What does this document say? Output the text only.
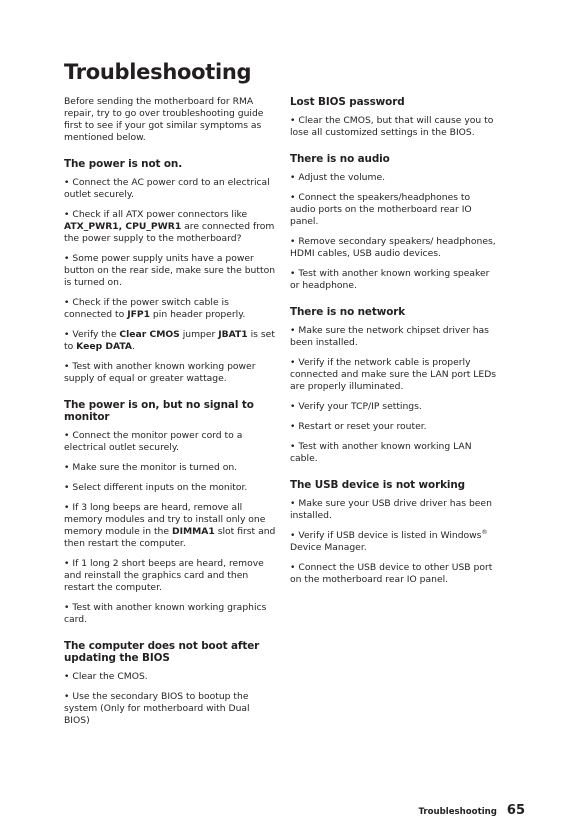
Troubleshooting

Before sending the motherboard for RMA repair, try to go over troubleshooting guide first to see if your got similar symptoms as mentioned below.

The power is not on.
• Connect the AC power cord to an electrical outlet securely.
• Check if all ATX power connectors like ATX_PWR1, CPU_PWR1 are connected from the power supply to the motherboard?
• Some power supply units have a power button on the rear side, make sure the button is turned on.
• Check if the power switch cable is connected to JFP1 pin header properly.
• Verify the Clear CMOS jumper JBAT1 is set to Keep DATA.
• Test with another known working power supply of equal or greater wattage.
The power is on, but no signal to monitor
• Connect the monitor power cord to a electrical outlet securely.
• Make sure the monitor is turned on.
• Select different inputs on the monitor.
• If 3 long beeps are heard, remove all memory modules and try to install only one memory module in the DIMMA1 slot first and then restart the computer.
• If 1 long 2 short beeps are heard, remove and reinstall the graphics card and then restart the computer.
• Test with another known working graphics card.
The computer does not boot after updating the BIOS
• Clear the CMOS.
• Use the secondary BIOS to bootup the system (Only for motherboard with Dual BIOS)
Lost BIOS password
• Clear the CMOS, but that will cause you to lose all customized settings in the BIOS.
There is no audio
• Adjust the volume.
• Connect the speakers/headphones to audio ports on the motherboard rear IO panel.
• Remove secondary speakers/ headphones, HDMI cables, USB audio devices.
• Test with another known working speaker or headphone.
There is no network
• Make sure the network chipset driver has been installed.
• Verify if the network cable is properly connected and make sure the LAN port LEDs are properly illuminated.
• Verify your TCP/IP settings.
• Restart or reset your router.
• Test with another known working LAN cable.
The USB device is not working
• Make sure your USB drive driver has been installed.
• Verify if USB device is listed in Windows® Device Manager.
• Connect the USB device to other USB port on the motherboard rear IO panel.
Troubleshooting 65
